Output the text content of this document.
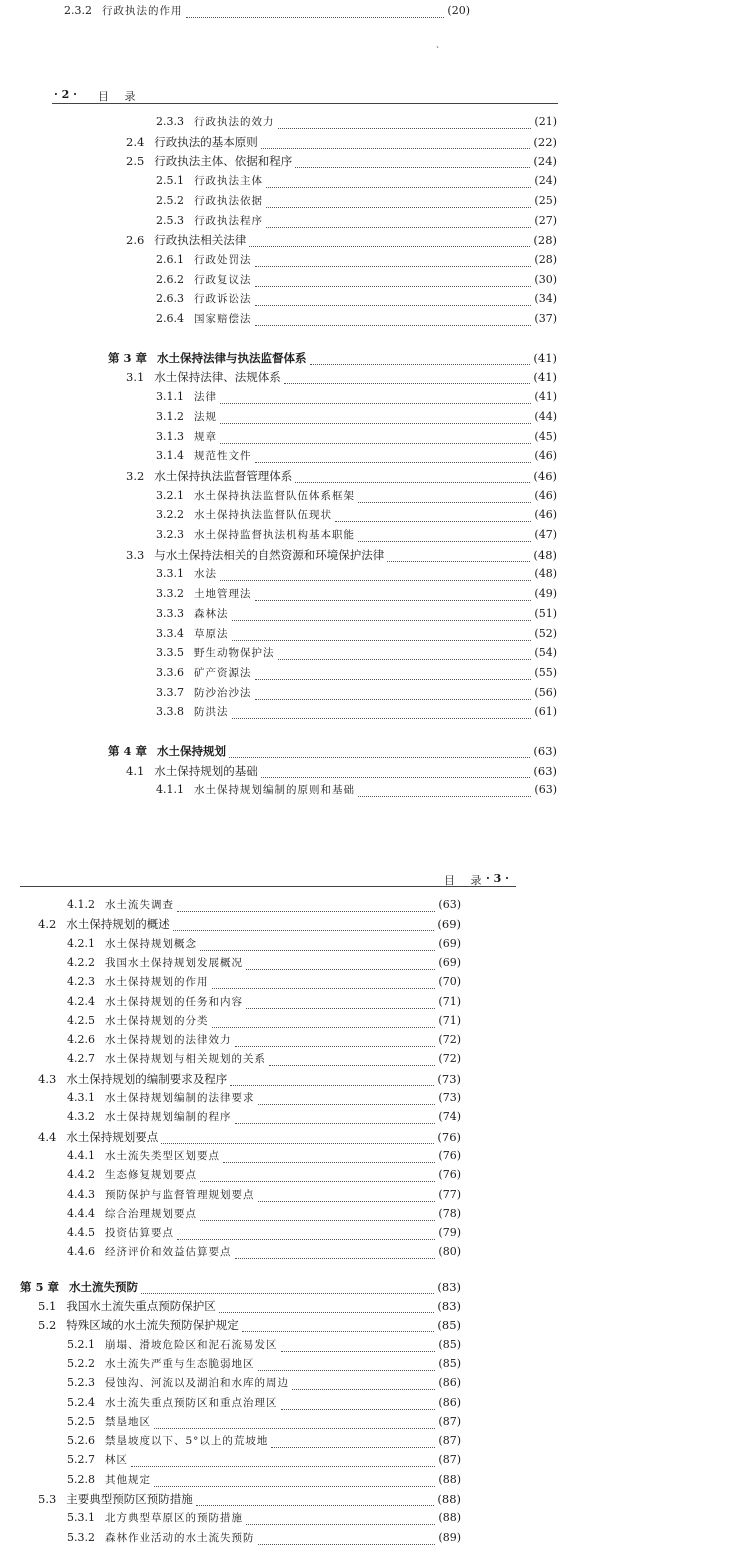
2.3.2 行政执法的作用	(20)
ˏ
· 2 · 目 录
2.3.3 行政执法的效力	(21)
2.4 行政执法的基本原则	(22)
2.5 行政执法主体、依据和程序	(24)
2.5.1 行政执法主体	(24)
2.5.2 行政执法依据	(25)
2.5.3 行政执法程序	(27)
2.6 行政执法相关法律	(28)
2.6.1 行政处罚法	(28)
2.6.2 行政复议法	(30)
2.6.3 行政诉讼法	(34)
2.6.4 国家赔偿法	(37)
第 3 章 水土保持法律与执法监督体系	(41)
3.1 水土保持法律、法规体系	(41)
3.1.1 法律	(41)
3.1.2 法规	(44)
3.1.3 规章	(45)
3.1.4 规范性文件	(46)
3.2 水土保持执法监督管理体系	(46)
3.2.1 水土保持执法监督队伍体系框架	(46)
3.2.2 水土保持执法监督队伍现状	(46)
3.2.3 水土保持监督执法机构基本职能	(47)
3.3 与水土保持法相关的自然资源和环境保护法律	(48)
3.3.1 水法	(48)
3.3.2 土地管理法	(49)
3.3.3 森林法	(51)
3.3.4 草原法	(52)
3.3.5 野生动物保护法	(54)
3.3.6 矿产资源法	(55)
3.3.7 防沙治沙法	(56)
3.3.8 防洪法	(61)
第 4 章 水土保持规划	(63)
4.1 水土保持规划的基础	(63)
4.1.1 水土保持规划编制的原则和基础	(63)
目 录
· 3 ·
4.1.2 水土流失调查	(63)
4.2 水土保持规划的概述	(69)
4.2.1 水土保持规划概念	(69)
4.2.2 我国水土保持规划发展概况	(69)
4.2.3 水土保持规划的作用	(70)
4.2.4 水土保持规划的任务和内容	(71)
4.2.5 水土保持规划的分类	(71)
4.2.6 水土保持规划的法律效力	(72)
4.2.7 水土保持规划与相关规划的关系	(72)
4.3 水土保持规划的编制要求及程序	(73)
4.3.1 水土保持规划编制的法律要求	(73)
4.3.2 水土保持规划编制的程序	(74)
4.4 水土保持规划要点	(76)
4.4.1 水土流失类型区划要点	(76)
4.4.2 生态修复规划要点	(76)
4.4.3 预防保护与监督管理规划要点	(77)
4.4.4 综合治理规划要点	(78)
4.4.5 投资估算要点	(79)
4.4.6 经济评价和效益估算要点	(80)
第 5 章 水土流失预防	(83)
5.1 我国水土流失重点预防保护区	(83)
5.2 特殊区域的水土流失预防保护规定	(85)
5.2.1 崩塌、滑坡危险区和泥石流易发区	(85)
5.2.2 水土流失严重与生态脆弱地区	(85)
5.2.3 侵蚀沟、河流以及湖泊和水库的周边	(86)
5.2.4 水土流失重点预防区和重点治理区	(86)
5.2.5 禁垦地区	(87)
5.2.6 禁垦坡度以下、5°以上的荒坡地	(87)
5.2.7 林区	(87)
5.2.8 其他规定	(88)
5.3 主要典型预防区预防措施	(88)
5.3.1 北方典型草原区的预防措施	(88)
5.3.2 森林作业活动的水土流失预防	(89)
